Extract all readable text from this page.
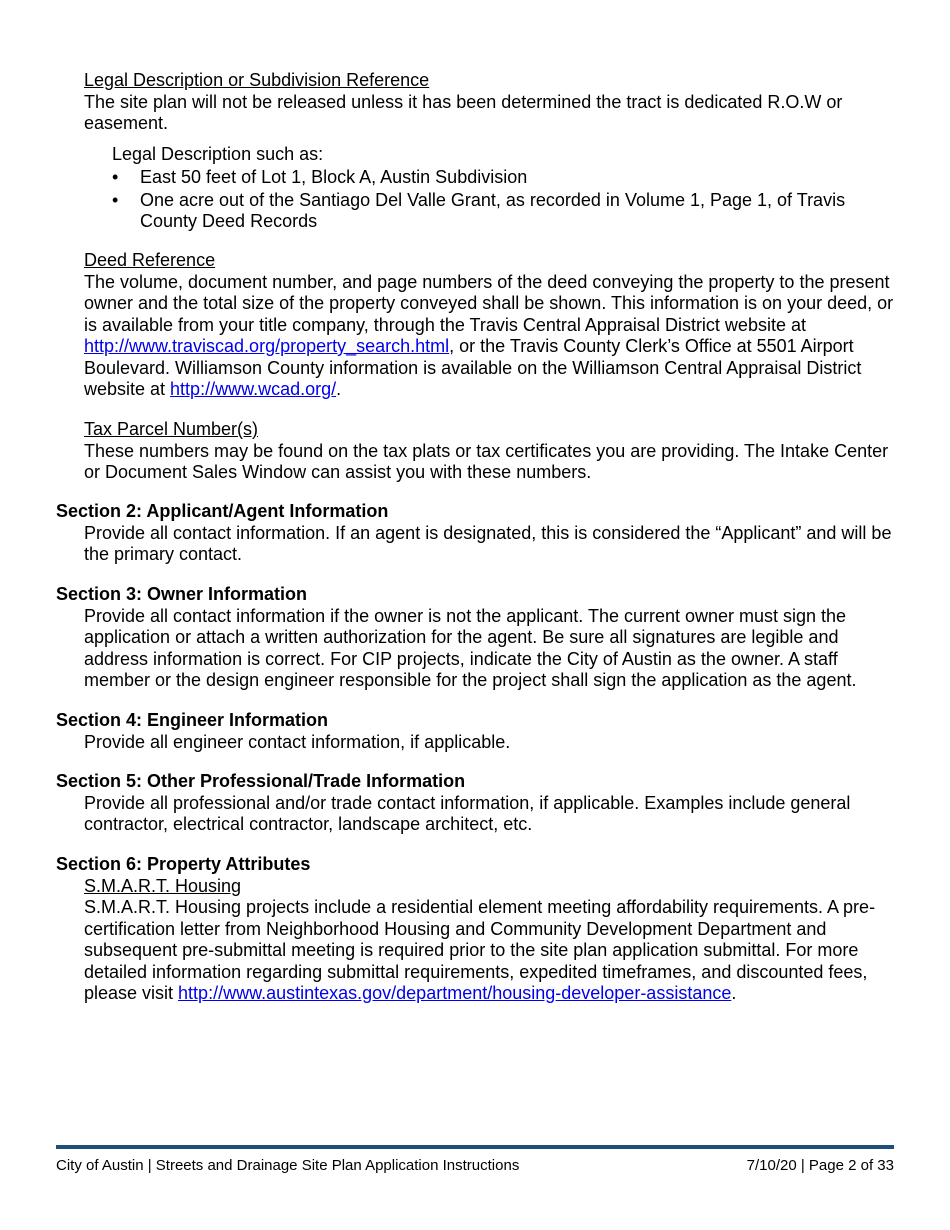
Legal Description or Subdivision Reference
The site plan will not be released unless it has been determined the tract is dedicated R.O.W or easement.
Legal Description such as:
• East 50 feet of Lot 1, Block A, Austin Subdivision
• One acre out of the Santiago Del Valle Grant, as recorded in Volume 1, Page 1, of Travis County Deed Records
Deed Reference
The volume, document number, and page numbers of the deed conveying the property to the present owner and the total size of the property conveyed shall be shown. This information is on your deed, or is available from your title company, through the Travis Central Appraisal District website at http://www.traviscad.org/property_search.html, or the Travis County Clerk’s Office at 5501 Airport Boulevard. Williamson County information is available on the Williamson Central Appraisal District website at http://www.wcad.org/.
Tax Parcel Number(s)
These numbers may be found on the tax plats or tax certificates you are providing. The Intake Center or Document Sales Window can assist you with these numbers.
Section 2: Applicant/Agent Information
Provide all contact information. If an agent is designated, this is considered the “Applicant” and will be the primary contact.
Section 3: Owner Information
Provide all contact information if the owner is not the applicant. The current owner must sign the application or attach a written authorization for the agent. Be sure all signatures are legible and address information is correct. For CIP projects, indicate the City of Austin as the owner. A staff member or the design engineer responsible for the project shall sign the application as the agent.
Section 4: Engineer Information
Provide all engineer contact information, if applicable.
Section 5: Other Professional/Trade Information
Provide all professional and/or trade contact information, if applicable. Examples include general contractor, electrical contractor, landscape architect, etc.
Section 6: Property Attributes
S.M.A.R.T. Housing
S.M.A.R.T. Housing projects include a residential element meeting affordability requirements. A pre-certification letter from Neighborhood Housing and Community Development Department and subsequent pre-submittal meeting is required prior to the site plan application submittal. For more detailed information regarding submittal requirements, expedited timeframes, and discounted fees, please visit http://www.austintexas.gov/department/housing-developer-assistance.
City of Austin | Streets and Drainage Site Plan Application Instructions	7/10/20 | Page 2 of 33
